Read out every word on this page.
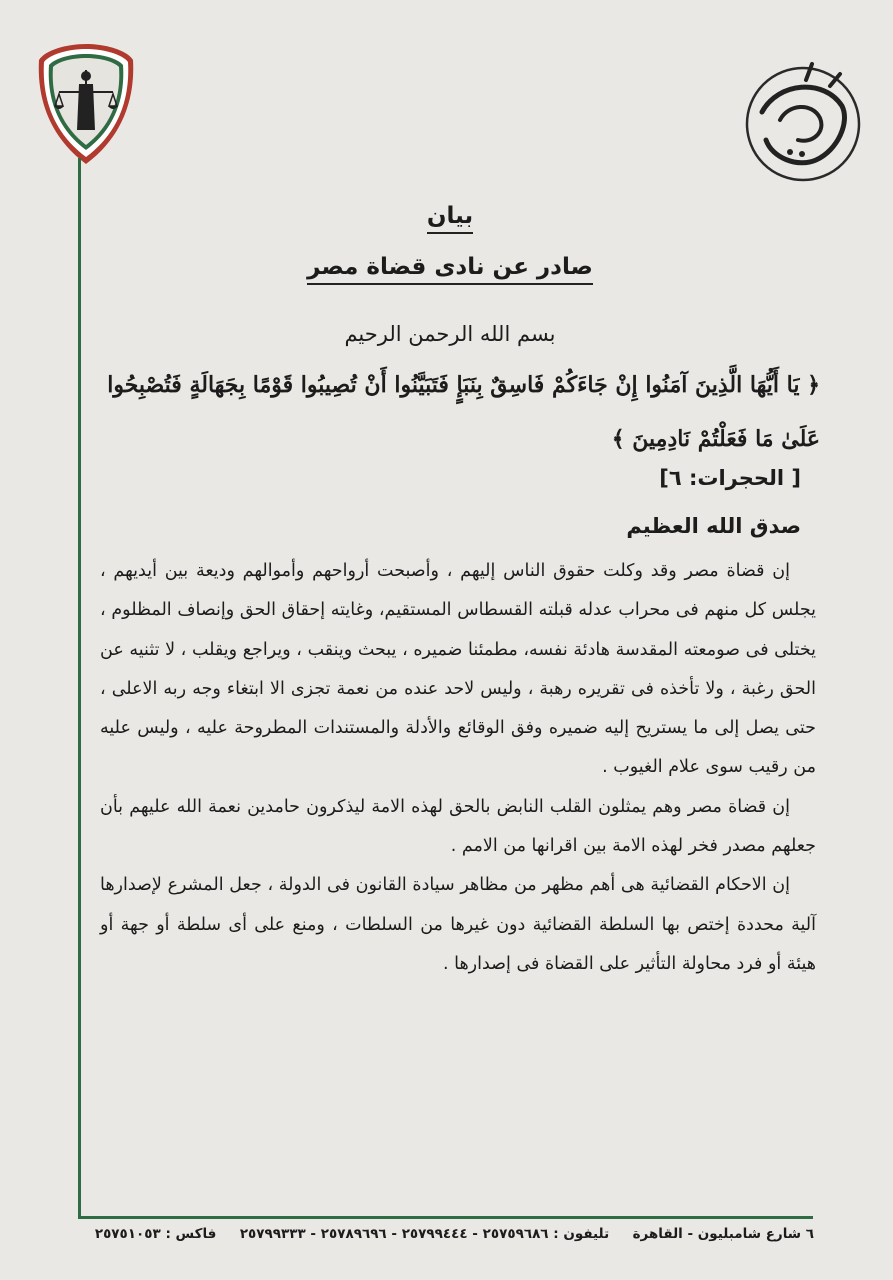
بيان
صادر عن نادى قضاة مصر
بسم الله الرحمن الرحيم
﴿ يَا أَيُّهَا الَّذِينَ آمَنُوا إِنْ جَاءَكُمْ فَاسِقٌ بِنَبَإٍ فَتَبَيَّنُوا أَنْ تُصِيبُوا قَوْمًا بِجَهَالَةٍ فَتُصْبِحُوا عَلَىٰ مَا فَعَلْتُمْ نَادِمِينَ ﴾
[ الحجرات: ٦]
صدق الله العظيم

إن قضاة مصر وقد وكلت حقوق الناس إليهم ، وأصبحت أرواحهم وأموالهم وديعة بين أيديهم ، يجلس كل منهم فى محراب عدله قبلته القسطاس المستقيم، وغايته إحقاق الحق وإنصاف المظلوم ، يختلى فى صومعته المقدسة هادئة نفسه، مطمئنا ضميره ، يبحث وينقب ، ويراجع ويقلب ، لا تثنيه عن الحق رغبة ، ولا تأخذه فى تقريره رهبة ، وليس لاحد عنده من نعمة تجزى الا ابتغاء وجه ربه الاعلى ، حتى يصل إلى ما يستريح إليه ضميره وفق الوقائع والأدلة والمستندات المطروحة عليه ، وليس عليه من رقيب سوى علام الغيوب .

إن قضاة مصر وهم يمثلون القلب النابض بالحق لهذه الامة ليذكرون حامدين نعمة الله عليهم بأن جعلهم مصدر فخر لهذه الامة بين اقرانها من الامم .

إن الاحكام القضائية هى أهم مظهر من مظاهر سيادة القانون فى الدولة ، جعل المشرع لإصدارها آلية محددة إختص بها السلطة القضائية دون غيرها من السلطات ، ومنع على أى سلطة أو جهة أو هيئة أو فرد محاولة التأثير على القضاة فى إصدارها .

٦ شارع شامبليون - القاهرة  تليفون : ٢٥٧٥٩٦٨٦ - ٢٥٧٩٩٤٤٤ - ٢٥٧٨٩٦٩٦ - ٢٥٧٩٩٣٣٣  فاكس : ٢٥٧٥١٠٥٣
